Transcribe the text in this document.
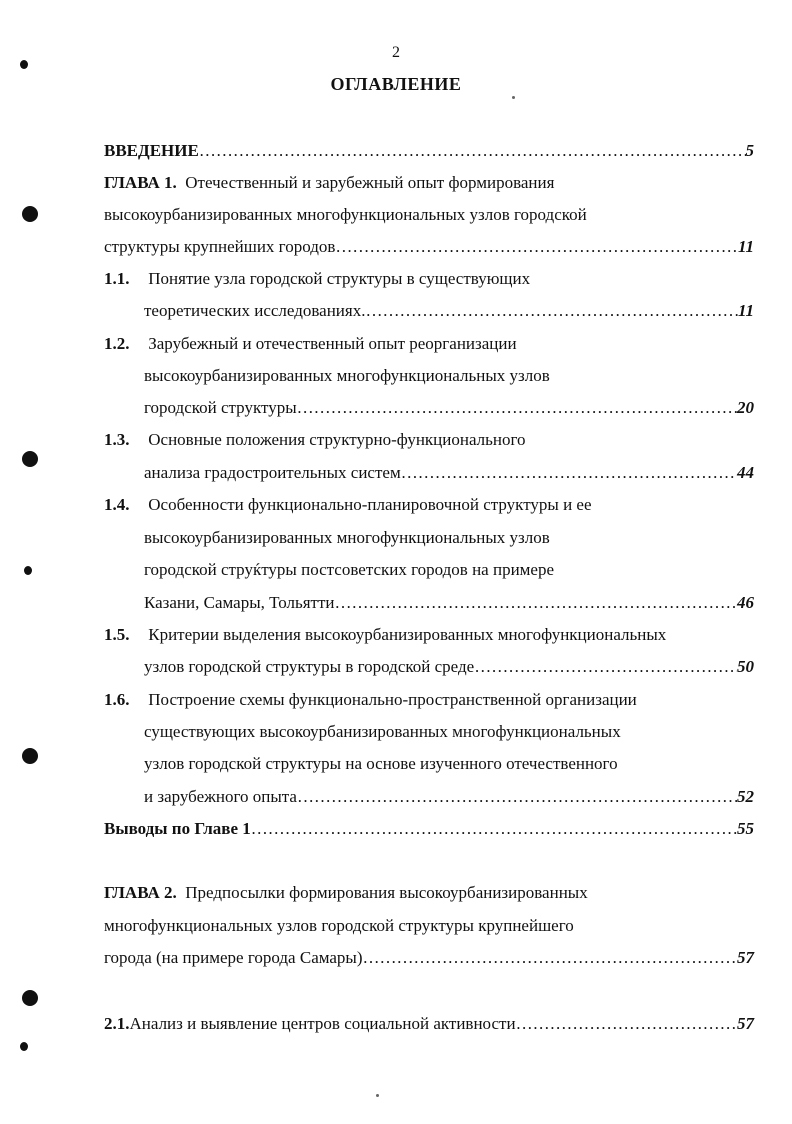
2
ОГЛАВЛЕНИЕ
ВВЕДЕНИЕ ……………………………………………………………………………………………………………………………………………………………………	5
ГЛАВА 1. Отечественный и зарубежный опыт формирования
высокоурбанизированных многофункциональных узлов городской
структуры крупнейших городов ……………………………………………………………………………………………………………………………………………………………………	11
1.1. Понятие узла городской структуры в существующих
теоретических исследованиях. ……………………………………………………………………………………………………………………………………………………………………	11
1.2. Зарубежный и отечественный опыт реорганизации
высокоурбанизированных многофункциональных узлов
городской структуры ……………………………………………………………………………………………………………………………………………………………………	20
1.3. Основные положения структурно-функционального
анализа градостроительных систем ……………………………………………………………………………………………………………………………………………………………………	44
1.4. Особенности функционально-планировочной структуры и ее
высокоурбанизированных многофункциональных узлов
городской струќтуры постсоветских городов на примере
Казани, Самары, Тольятти ……………………………………………………………………………………………………………………………………………………………………	46
1.5. Критерии выделения высокоурбанизированных многофункциональных
узлов городской структуры в городской среде ……………………………………………………………………………………………………………………………………………………………………	50
1.6. Построение схемы функционально-пространственной организации
существующих высокоурбанизированных многофункциональных
узлов городской структуры на основе изученного отечественного
и зарубежного опыта ……………………………………………………………………………………………………………………………………………………………………	52
Выводы по Главе 1 ……………………………………………………………………………………………………………………………………………………………………	55
ГЛАВА 2. Предпосылки формирования высокоурбанизированных
многофункциональных узлов городской структуры крупнейшего
города (на примере города Самары) ……………………………………………………………………………………………………………………………………………………………………	57
2.1. Анализ и выявление центров социальной активности ……………………………………………………………………………………………………………………………………………………………………	57
